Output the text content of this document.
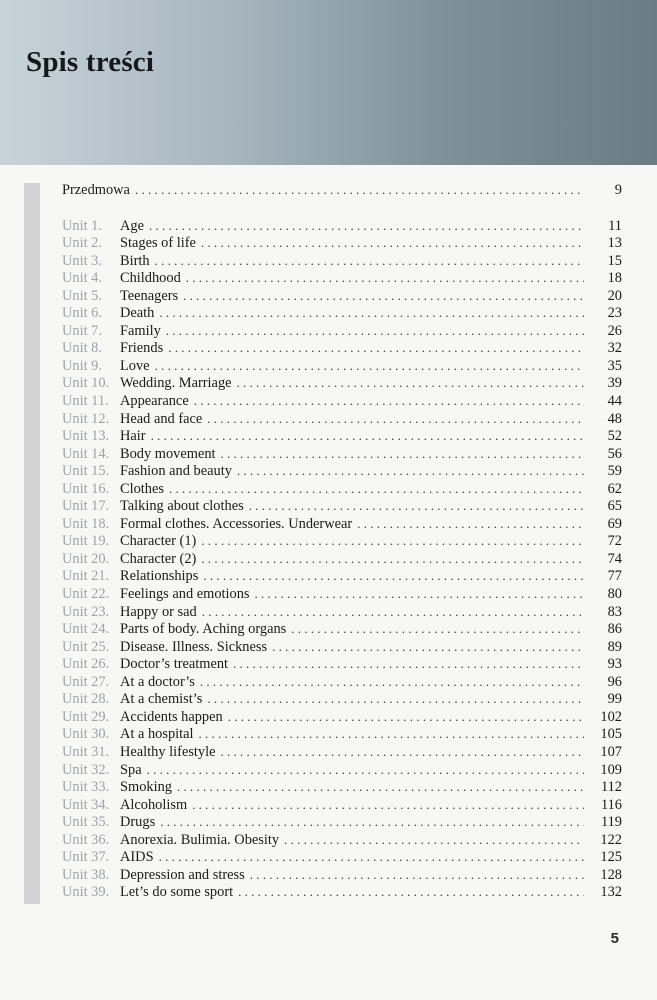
Spis treści
Przedmowa . . .	9
Unit 1.	Age . . .	11
Unit 2.	Stages of life . . .	13
Unit 3.	Birth . . .	15
Unit 4.	Childhood . . .	18
Unit 5.	Teenagers . . .	20
Unit 6.	Death . . .	23
Unit 7.	Family . . .	26
Unit 8.	Friends . . .	32
Unit 9.	Love . . .	35
Unit 10. Wedding. Marriage . . .	39
Unit 11. Appearance . . .	44
Unit 12. Head and face . . .	48
Unit 13. Hair . . .	52
Unit 14. Body movement . . .	56
Unit 15. Fashion and beauty . . .	59
Unit 16. Clothes . . .	62
Unit 17. Talking about clothes . . .	65
Unit 18. Formal clothes. Accessories. Underwear . . .	69
Unit 19. Character (1) . . .	72
Unit 20. Character (2) . . .	74
Unit 21. Relationships . . .	77
Unit 22. Feelings and emotions . . .	80
Unit 23. Happy or sad . . .	83
Unit 24. Parts of body. Aching organs . . .	86
Unit 25. Disease. Illness. Sickness . . .	89
Unit 26. Doctor’s treatment . . .	93
Unit 27. At a doctor’s . . .	96
Unit 28. At a chemist’s . . .	99
Unit 29. Accidents happen . . .	102
Unit 30. At a hospital . . .	105
Unit 31. Healthy lifestyle . . .	107
Unit 32. Spa . . .	109
Unit 33. Smoking . . .	112
Unit 34. Alcoholism . . .	116
Unit 35. Drugs . . .	119
Unit 36. Anorexia. Bulimia. Obesity . . .	122
Unit 37. AIDS . . .	125
Unit 38. Depression and stress . . .	128
Unit 39. Let’s do some sport . . .	132
5
